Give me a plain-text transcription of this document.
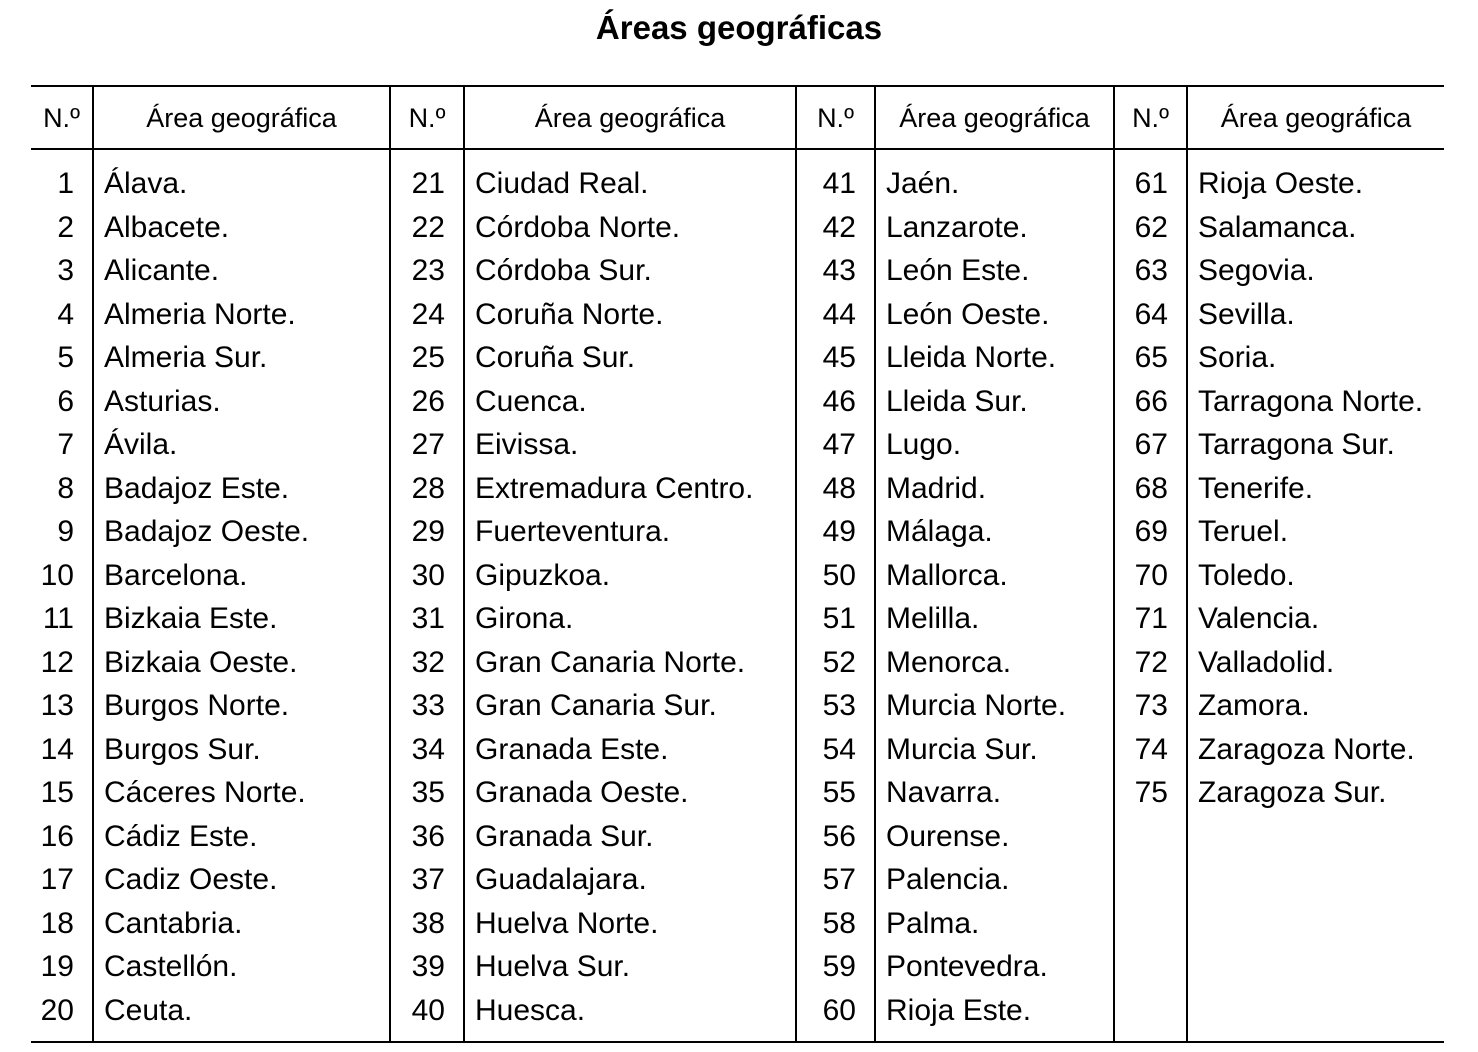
Áreas geográficas
N.º	Área geográfica	N.º	Área geográfica	N.º	Área geográfica	N.º	Área geográfica
1	Álava.	21	Ciudad Real.	41	Jaén.	61	Rioja Oeste.
2	Albacete.	22	Córdoba Norte.	42	Lanzarote.	62	Salamanca.
3	Alicante.	23	Córdoba Sur.	43	León Este.	63	Segovia.
4	Almeria Norte.	24	Coruña Norte.	44	León Oeste.	64	Sevilla.
5	Almeria Sur.	25	Coruña Sur.	45	Lleida Norte.	65	Soria.
6	Asturias.	26	Cuenca.	46	Lleida Sur.	66	Tarragona Norte.
7	Ávila.	27	Eivissa.	47	Lugo.	67	Tarragona Sur.
8	Badajoz Este.	28	Extremadura Centro.	48	Madrid.	68	Tenerife.
9	Badajoz Oeste.	29	Fuerteventura.	49	Málaga.	69	Teruel.
10	Barcelona.	30	Gipuzkoa.	50	Mallorca.	70	Toledo.
11	Bizkaia Este.	31	Girona.	51	Melilla.	71	Valencia.
12	Bizkaia Oeste.	32	Gran Canaria Norte.	52	Menorca.	72	Valladolid.
13	Burgos Norte.	33	Gran Canaria Sur.	53	Murcia Norte.	73	Zamora.
14	Burgos Sur.	34	Granada Este.	54	Murcia Sur.	74	Zaragoza Norte.
15	Cáceres Norte.	35	Granada Oeste.	55	Navarra.	75	Zaragoza Sur.
16	Cádiz Este.	36	Granada Sur.	56	Ourense.		
17	Cadiz Oeste.	37	Guadalajara.	57	Palencia.		
18	Cantabria.	38	Huelva Norte.	58	Palma.		
19	Castellón.	39	Huelva Sur.	59	Pontevedra.		
20	Ceuta.	40	Huesca.	60	Rioja Este.		
